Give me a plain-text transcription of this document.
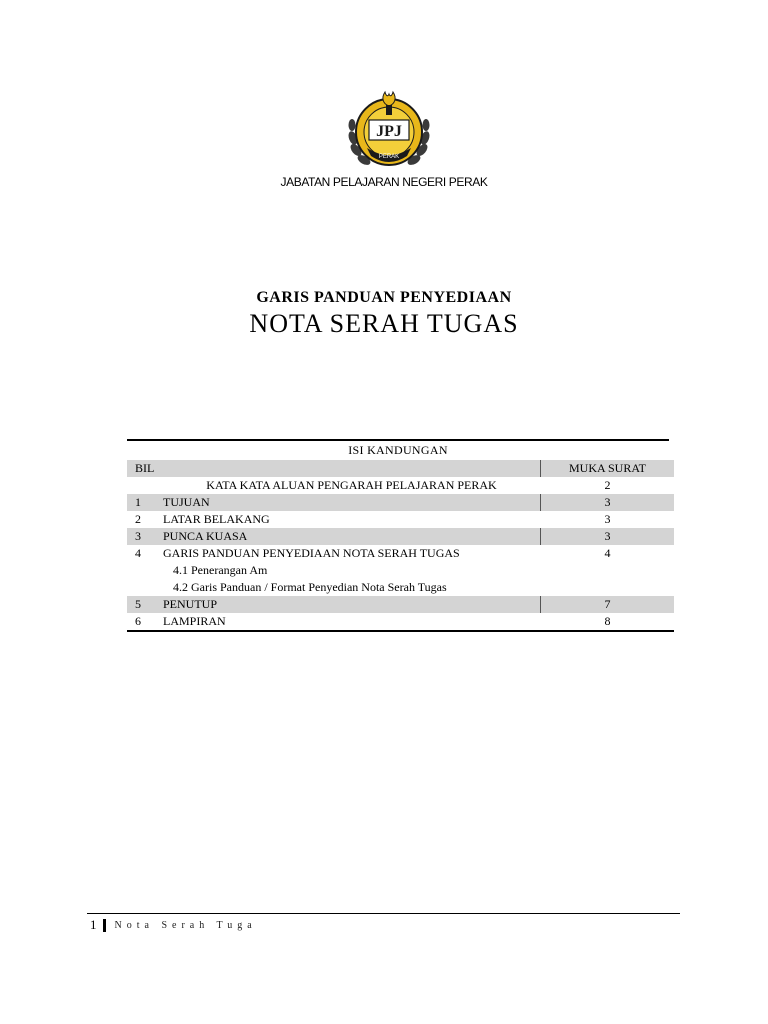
JPJ
PERAK
JABATAN PELAJARAN NEGERI PERAK
GARIS PANDUAN PENYEDIAAN
NOTA SERAH TUGAS
ISI KANDUNGAN
BIL		MUKA SURAT
	KATA KATA ALUAN PENGARAH PELAJARAN PERAK	2
1	TUJUAN	3
2	LATAR BELAKANG	3
3	PUNCA KUASA	3
4	GARIS PANDUAN PENYEDIAAN NOTA SERAH TUGAS	4
	4.1 Penerangan Am	
	4.2 Garis Panduan / Format Penyedian Nota Serah Tugas	
5	PENUTUP	7
6	LAMPIRAN	8
1 Nota Serah Tuga
